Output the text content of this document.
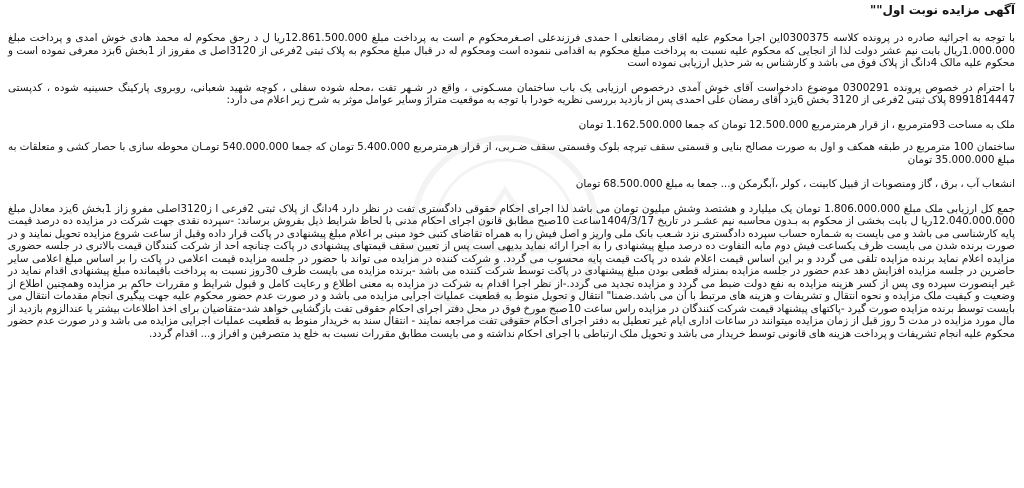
آگهی مزایده نوبت اول""

با توجه به اجرائیه صادره در پرونده کلاسه 0300375این اجرا محکوم علیه اقای رمضانعلی ا حمدی فرزندعلی اصـغرمحکوم م است به پرداخت مبلغ 12.861.500.000ریا ل د رحق محکوم له محمد هادی خوش امدی و پرداخت مبلغ 1.000.000ریال بابت نیم عشر دولت لذا از انجایی که محکوم علیه نسبت به پرداخت مبلغ محکوم به اقدامی ننموده است ومحکوم له در قبال مبلغ محکوم به پلاک ثبتی 2فرعی از 3120اصل ی مفروز از 1بخش 6بزد معرفی نموده است و محکوم علیه مالک 4دانگ از پلاک فوق می باشد و کارشناس به شر حذیل ارزیابی نموده است

با احترام در خصوص پرونده 0300291 موضوع دادخواست آقای خوش آمدی درخصوص ارزیابی یک باب ساختمان مسـکونی ، واقع در شـهر تفت ،محله شوده سفلی ، کوچه شهید شعبانی، روبروی پارکینگ حسینیه شوده ، کدپستی 8991814447 پلاک ثبتی 2فرعی از 3120 بخش 6یزد آقای رمضان علی احمدی پس از بازدید بررسی نظریه خودرا با توجه به موقعیت متراژ وسایر عوامل موثر به شرح زیر اعلام می دارد:

ملک به مساحت 93مترمربع ، از قرار هرمترمربع 12.500.000 تومان که جمعا 1.162.500.000 تومان

ساختمان 100 مترمربع در طبقه همکف و اول به صورت مصالح بنایی و قسمتی سقف تیرچه بلوک وقسمتی سقف ضـربی، از قرار هرمترمربع 5.400.000 تومان که جمعا 540.000.000 تومـان محوطه سازی با حصار کشی و متعلقات به مبلغ 35.000.000 تومان

انشعاب آب ، برق ، گاز ومنصوبات از قبیل کابینت ، کولر ،آبگرمکن و... جمعا به مبلغ 68.500.000 تومان

جمع کل ارزیابی ملک مبلغ 1.806.000.000 تومان یک میلیارد و هشتصد وشش میلیون تومان می باشد لذا اجرای احکام حقوقی دادگستری تفت در نظر دارد 4دانگ از پلاک ثبتی 2فرعی ا ز3120اصلی مفرو زاز 1بخش 6یزد معادل مبلغ 12.040.000.000ریا ل بابت بخشی از محکوم به بـدون محاسبه نیم عشـر در تاریخ 1404/3/17ساعت 10صبح مطابق قانون اجرای احکام مدنی با لحاظ شرایط ذیل بفروش برساند: -سپرده نقدی جهت شرکت در مزایده ده درصد قیمت پایه کارشناسی می باشد و می بایست به شـماره حساب سپرده دادگستری نزد شـعب بانک ملی واریز و اصل فیش را به همراه تقاضای کتبی خود مبنی بر اعلام مبلغ پیشنهادی در پاکت قرار داده وقبل از ساعت شروع مزایده تحویل نمایند و در صورت برنده شدن می بایست ظرف یکساعت فیش دوم مابه التفاوت ده درصد مبلغ پیشنهادی را به اجرا ارائه نماید بدیهی است پس از تعیین سقف قیمتهای پیشنهادی در پاکت چنانچه احد از شرکت کنندگان قیمت بالاتری در جلسه حضوری مزایده اعلام نماید برنده مزایده تلقی می گردد و بر این اساس قیمت اعلام شده در پاکت قیمت پایه محسوب می گردد. و شرکت کننده در مزایده می تواند با حضور در جلسه مزایده قیمت اعلامی در پاکت را بر اساس مبلغ اعلامی سایر حاضرین در جلسه مزایده افزایش دهد عدم حضور در جلسه مزایده بمنزله قطعی بودن مبلغ پیشنهادی در پاکت توسط شرکت کننده می باشد -برنده مزایده می بایست ظرف 30روز نسبت به پرداخت باقیمانده مبلغ پیشنهادی اقدام نماید در غیر اینصورت سپرده وی پس از کسر هزینه مزایده به نفع دولت ضبط می گردد و مزایده تجدید می گردد.-از نظر اجرا اقدام به شرکت در مزایده به معنی اطلاع و رعایت کامل و قبول شرایط و مقررات حاکم بر مزایده وهمچنین اطلاع از وضعیت و کیفیت ملک مزایده و نحوه انتقال و تشریفات و هزینه های مرتبط با آن می باشد.ضمنا" انتقال و تحویل منوط به قطعیت عملیات اجرایی مزایده می باشد و در صورت عدم حضور محکوم علیه جهت پیگیری انجام مقدمات انتقال می بایست توسط برنده مزایده صورت گیرد -پاکتهای پیشنهاد قیمت شرکت کنندگان در مزایده راس ساعت 10صبح مورخ فوق در محل دفتر اجرای احکام حقوقی تفت بازگشایی خواهد شد-متقاضیان برای اخذ اطلاعات بیشتر یا عندالزوم بازدید از مال مورد مزایده در مدت 5 روز قبل از زمان مزایده میتوانند در ساعات اداری ایام غیر تعطیل به دفتر اجرای احکام حقوقی تفت مراجعه نمایند - انتقال سند به خریدار منوط به قطعیت عملیات اجرایی مزایده می باشد و در صورت عدم حضور محکوم علیه انجام تشریفات و پرداخت هزینه های قانونی توسط خریدار می باشد و تحویل ملک ارتباطی با اجرای احکام نداشته و می بایست مطابق مقررات نسبت به خلع ید متصرفین و افراز و... اقدام گردد.
